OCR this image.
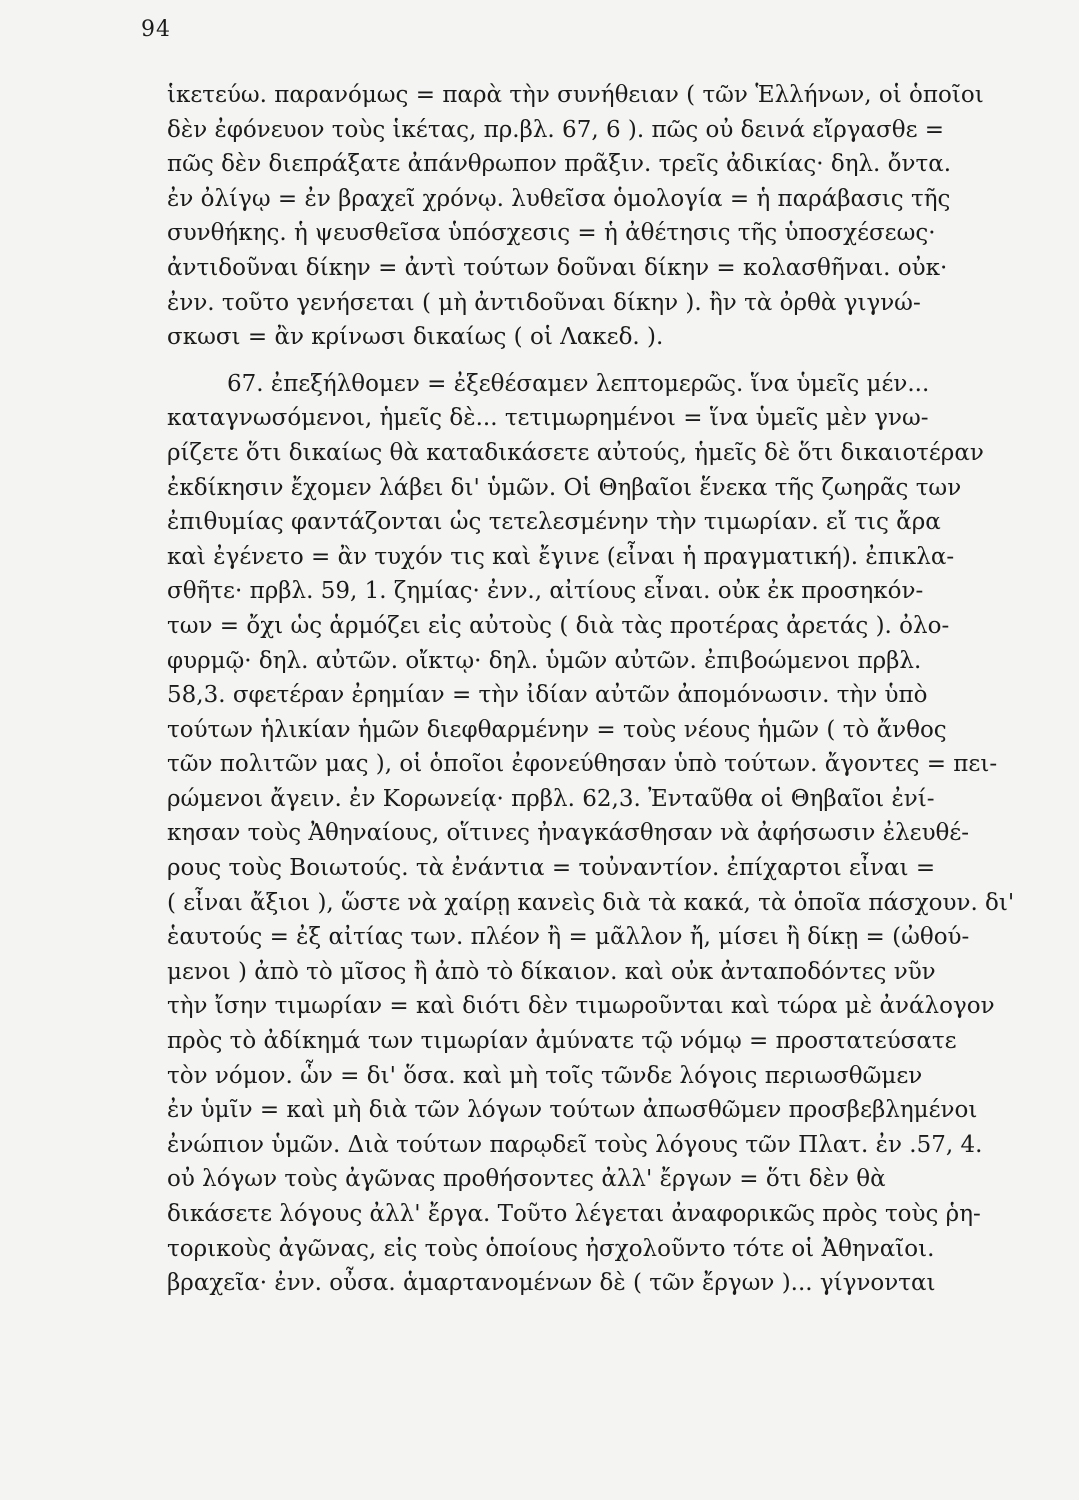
94
ἱκετεύω. παρανόμως = παρὰ τὴν συνήθειαν ( τῶν Ἑλλήνων, οἱ ὁποῖοι
δὲν ἐφόνευον τοὺς ἱκέτας, πρ.βλ. 67, 6 ). πῶς οὐ δεινά εἴργασθε =
πῶς δὲν διεπράξατε ἀπάνθρωπον πρᾶξιν. τρεῖς ἀδικίας· δηλ. ὄντα.
ἐν ὀλίγῳ = ἐν βραχεῖ χρόνῳ. λυθεῖσα ὁμολογία = ἡ παράβασις τῆς
συνθήκης. ἡ ψευσθεῖσα ὑπόσχεσις = ἡ ἀθέτησις τῆς ὑποσχέσεως·
ἀντιδοῦναι δίκην = ἀντὶ τούτων δοῦναι δίκην = κολασθῆναι. οὐκ·
ἐνν. τοῦτο γενήσεται ( μὴ ἀντιδοῦναι δίκην ). ἢν τὰ ὀρθὰ γιγνώ-
σκωσι = ἂν κρίνωσι δικαίως ( οἱ Λακεδ. ).
67. ἐπεξήλθομεν = ἐξεθέσαμεν λεπτομερῶς. ἵνα ὑμεῖς μέν...
καταγνωσόμενοι, ἡμεῖς δὲ... τετιμωρημένοι = ἵνα ὑμεῖς μὲν γνω-
ρίζετε ὅτι δικαίως θὰ καταδικάσετε αὐτούς, ἡμεῖς δὲ ὅτι δικαιοτέραν
ἐκδίκησιν ἔχομεν λάβει δι' ὑμῶν. Οἱ Θηβαῖοι ἕνεκα τῆς ζωηρᾶς των
ἐπιθυμίας φαντάζονται ὡς τετελεσμένην τὴν τιμωρίαν. εἴ τις ἄρα
καὶ ἐγένετο = ἂν τυχόν τις καὶ ἔγινε (εἶναι ἡ πραγματική). ἐπικλα-
σθῆτε· πρβλ. 59, 1. ζημίας· ἐνν., αἰτίους εἶναι. οὐκ ἐκ προσηκόν-
των = ὄχι ὡς ἁρμόζει εἰς αὐτοὺς ( διὰ τὰς προτέρας ἀρετάς ). ὀλο-
φυρμῷ· δηλ. αὐτῶν. οἴκτῳ· δηλ. ὑμῶν αὐτῶν. ἐπιβοώμενοι πρβλ.
58,3. σφετέραν ἐρημίαν = τὴν ἰδίαν αὐτῶν ἀπομόνωσιν. τὴν ὑπὸ
τούτων ἡλικίαν ἡμῶν διεφθαρμένην = τοὺς νέους ἡμῶν ( τὸ ἄνθος
τῶν πολιτῶν μας ), οἱ ὁποῖοι ἐφονεύθησαν ὑπὸ τούτων. ἄγοντες = πει-
ρώμενοι ἄγειν. ἐν Κορωνείᾳ· πρβλ. 62,3. Ἐνταῦθα οἱ Θηβαῖοι ἐνί-
κησαν τοὺς Ἀθηναίους, οἵτινες ἠναγκάσθησαν νὰ ἀφήσωσιν ἐλευθέ-
ρους τοὺς Βοιωτούς. τὰ ἐνάντια = τοὐναντίον. ἐπίχαρτοι εἶναι =
( εἶναι ἄξιοι ), ὥστε νὰ χαίρῃ κανεὶς διὰ τὰ κακά, τὰ ὁποῖα πάσχουν. δι'
ἑαυτούς = ἐξ αἰτίας των. πλέον ἢ = μᾶλλον ἤ, μίσει ἢ δίκῃ = (ὠθού-
μενοι ) ἀπὸ τὸ μῖσος ἢ ἀπὸ τὸ δίκαιον. καὶ οὐκ ἀνταποδόντες νῦν
τὴν ἴσην τιμωρίαν = καὶ διότι δὲν τιμωροῦνται καὶ τώρα μὲ ἀνάλογον
πρὸς τὸ ἀδίκημά των τιμωρίαν ἀμύνατε τῷ νόμῳ = προστατεύσατε
τὸν νόμον. ὧν = δι' ὅσα. καὶ μὴ τοῖς τῶνδε λόγοις περιωσθῶμεν
ἐν ὑμῖν = καὶ μὴ διὰ τῶν λόγων τούτων ἀπωσθῶμεν προσβεβλημένοι
ἐνώπιον ὑμῶν. Διὰ τούτων παρῳδεῖ τοὺς λόγους τῶν Πλατ. ἐν .57, 4.
οὐ λόγων τοὺς ἀγῶνας προθήσοντες ἀλλ' ἔργων = ὅτι δὲν θὰ
δικάσετε λόγους ἀλλ' ἔργα. Τοῦτο λέγεται ἀναφορικῶς πρὸς τοὺς ῥη-
τορικοὺς ἀγῶνας, εἰς τοὺς ὁποίους ἠσχολοῦντο τότε οἱ Ἀθηναῖοι.
βραχεῖα· ἐνν. οὖσα. ἁμαρτανομένων δὲ ( τῶν ἔργων )... γίγνονται
